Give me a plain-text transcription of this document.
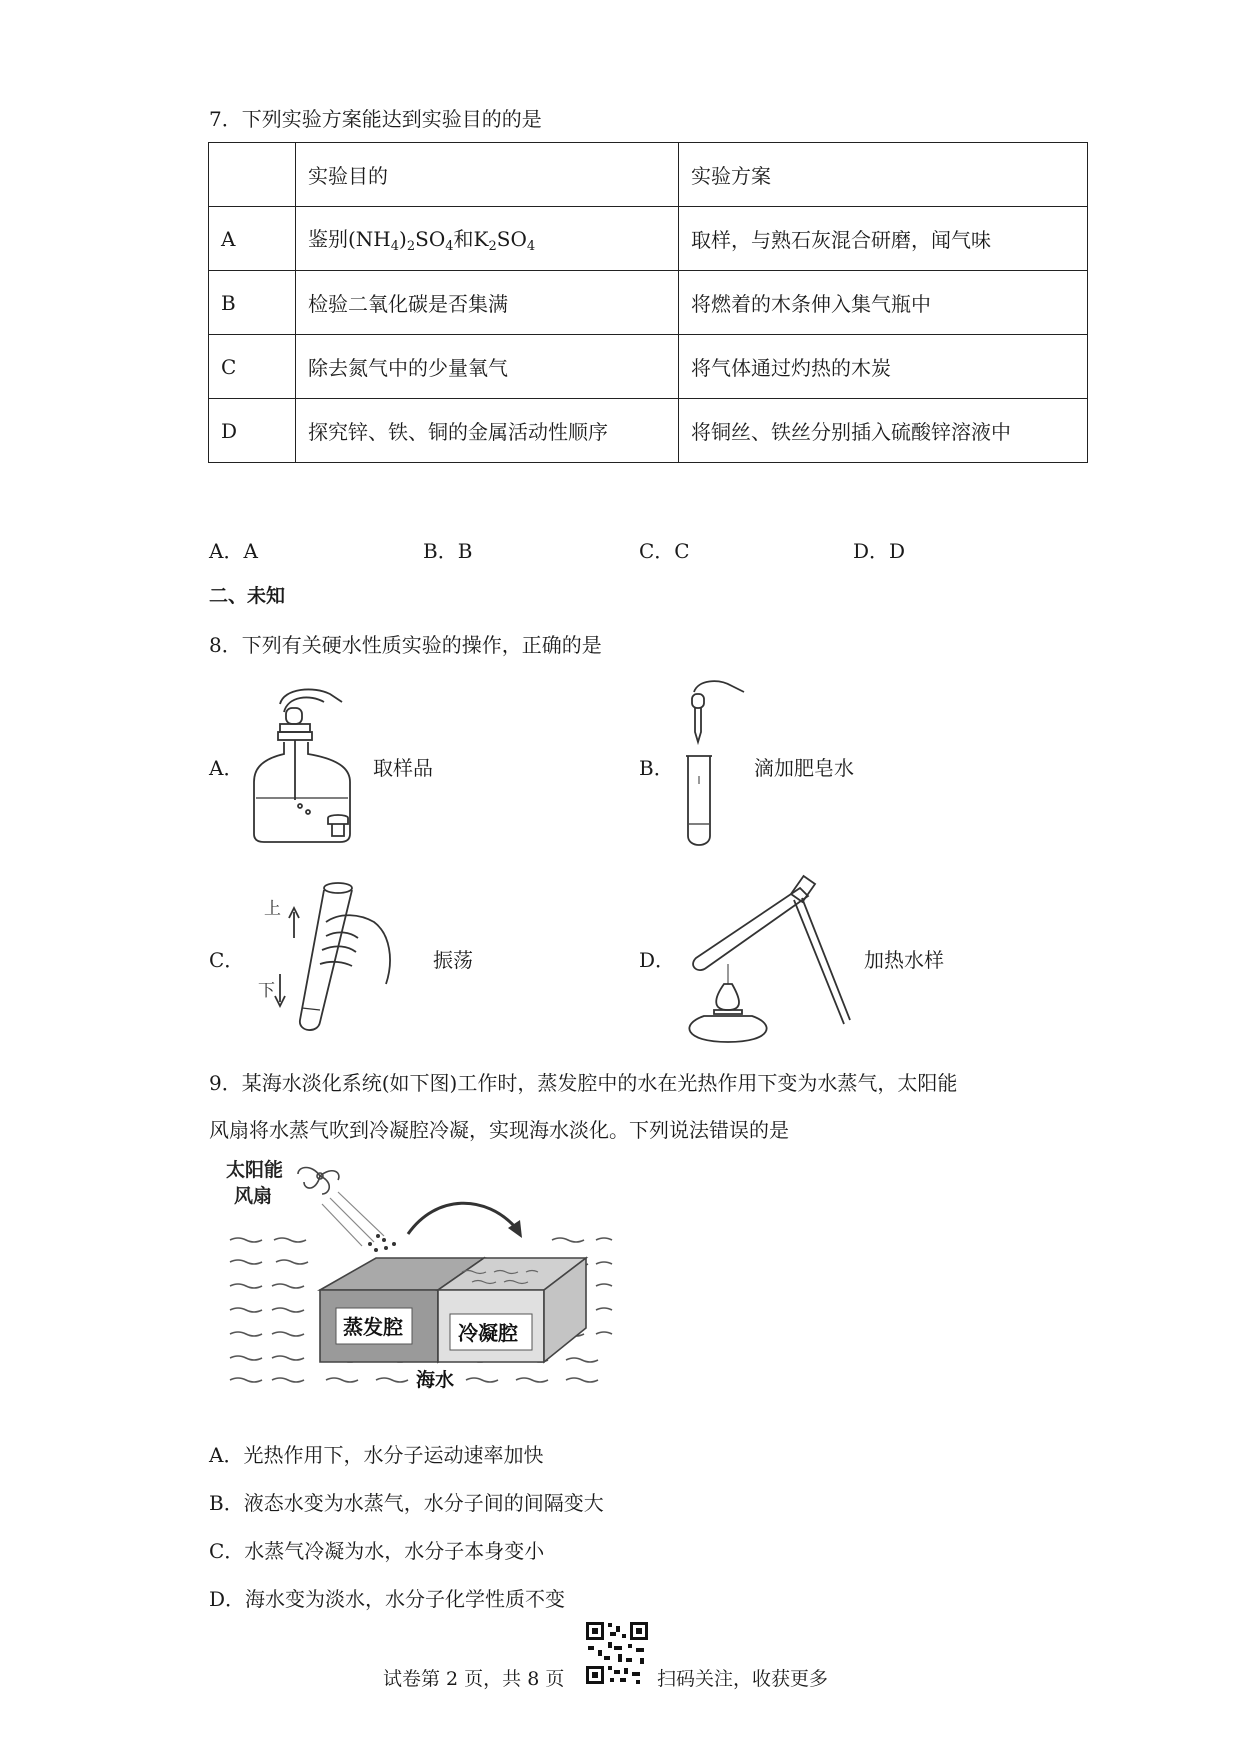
7．下列实验方案能达到实验目的的是
	实验目的	实验方案
A	鉴别$(NH_4)_2SO_4$和$K_2SO_4$	取样，与熟石灰混合研磨，闻气味
B	检验二氧化碳是否集满	将燃着的木条伸入集气瓶中
C	除去氮气中的少量氧气	将气体通过灼热的木炭
D	探究锌、铁、铜的金属活动性顺序	将铜丝、铁丝分别插入硫酸锌溶液中
A．A	B．B	C．C	D．D
二、未知
8．下列有关硬水性质实验的操作，正确的是
A．	取样品	B．	滴加肥皂水
C．
上
下
振荡	D．	加热水样
9．某海水淡化系统(如下图)工作时，蒸发腔中的水在光热作用下变为水蒸气，太阳能
风扇将水蒸气吹到冷凝腔冷凝，实现海水淡化。下列说法错误的是
太阳能
风扇
蒸发腔	冷凝腔
海水
A．光热作用下，水分子运动速率加快
B．液态水变为水蒸气，水分子间的间隔变大
C．水蒸气冷凝为水，水分子本身变小
D．海水变为淡水，水分子化学性质不变
试卷第 2 页，共 8 页	扫码关注，收获更多
